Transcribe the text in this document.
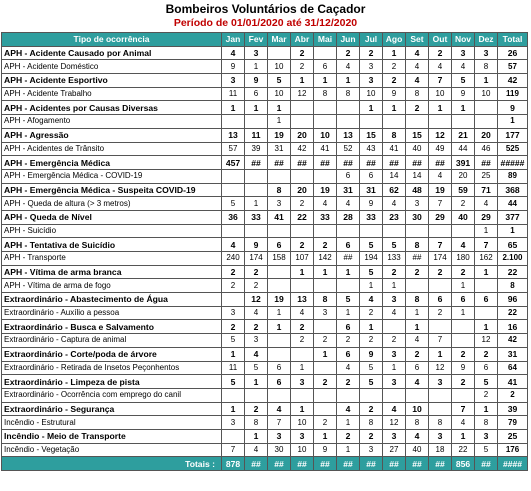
Bombeiros Voluntários de Caçador
Período de 01/01/2020 até 31/12/2020
Tipo de ocorrência	Jan	Fev	Mar	Abr	Mai	Jun	Jul	Ago	Set	Out	Nov	Dez	Total
APH - Acidente Causado por Animal	4	3		2		2	2	1	4	2	3	3	26
APH - Acidente Doméstico	9	1	10	2	6	4	3	2	4	4	4	8	57
APH - Acidente Esportivo	3	9	5	1	1	1	3	2	4	7	5	1	42
APH - Acidente Trabalho	11	6	10	12	8	8	10	9	8	10	9	10	119
APH - Acidentes por Causas Diversas	1	1	1				1	1	2	1	1		9
APH - Afogamento			1										1
APH - Agressão	13	11	19	20	10	13	15	8	15	12	21	20	177
APH - Acidentes de Trânsito	57	39	31	42	41	52	43	41	40	49	44	46	525
APH - Emergência Médica	457	##	##	##	##	##	##	##	##	##	391	##	#####
APH - Emergência Médica - COVID-19						6	6	14	14	4	20	25	89
APH - Emergência Médica - Suspeita COVID-19			8	20	19	31	31	62	48	19	59	71	368
APH - Queda de altura (> 3 metros)	5	1	3	2	4	4	9	4	3	7	2	4	44
APH - Queda de Nível	36	33	41	22	33	28	33	23	30	29	40	29	377
APH - Suicídio												1	1
APH - Tentativa de Suicídio	4	9	6	2	2	6	5	5	8	7	4	7	65
APH - Transporte	240	174	158	107	142	##	194	133	##	174	180	162	2.100
APH - Vítima de arma branca	2	2		1	1	1	5	2	2	2	2	1	22
APH - Vítima de arma de fogo	2	2					1	1			1		8
Extraordinário - Abastecimento de Água		12	19	13	8	5	4	3	8	6	6	6	96
Extraordinário - Auxílio a pessoa	3	4	1	4	3	1	2	4	1	2	1		22
Extraordinário - Busca e Salvamento	2	2	1	2		6	1		1			1	16
Extraordinário - Captura de animal	5	3		2	2	2	2	2	4	7		12	42
Extraordinário - Corte/poda de árvore	1	4			1	6	9	3	2	1	2	2	31
Extraordinário - Retirada de Insetos Peçonhentos	11	5	6	1		4	5	1	6	12	9	6	64
Extraordinário - Limpeza de pista	5	1	6	3	2	2	5	3	4	3	2	5	41
Extraordinário - Ocorrência com emprego do canil												2	2
Extraordinário - Segurança	1	2	4	1		4	2	4	10		7	1	39
Incêndio - Estrutural	3	8	7	10	2	1	8	12	8	8	4	8	79
Incêndio - Meio de Transporte		1	3	3	1	2	2	3	4	3	1	3	25
Incêndio - Vegetação	7	4	30	10	9	1	3	27	40	18	22	5	176
Totais :	878	##	##	##	##	##	##	##	##	##	856	##	####
